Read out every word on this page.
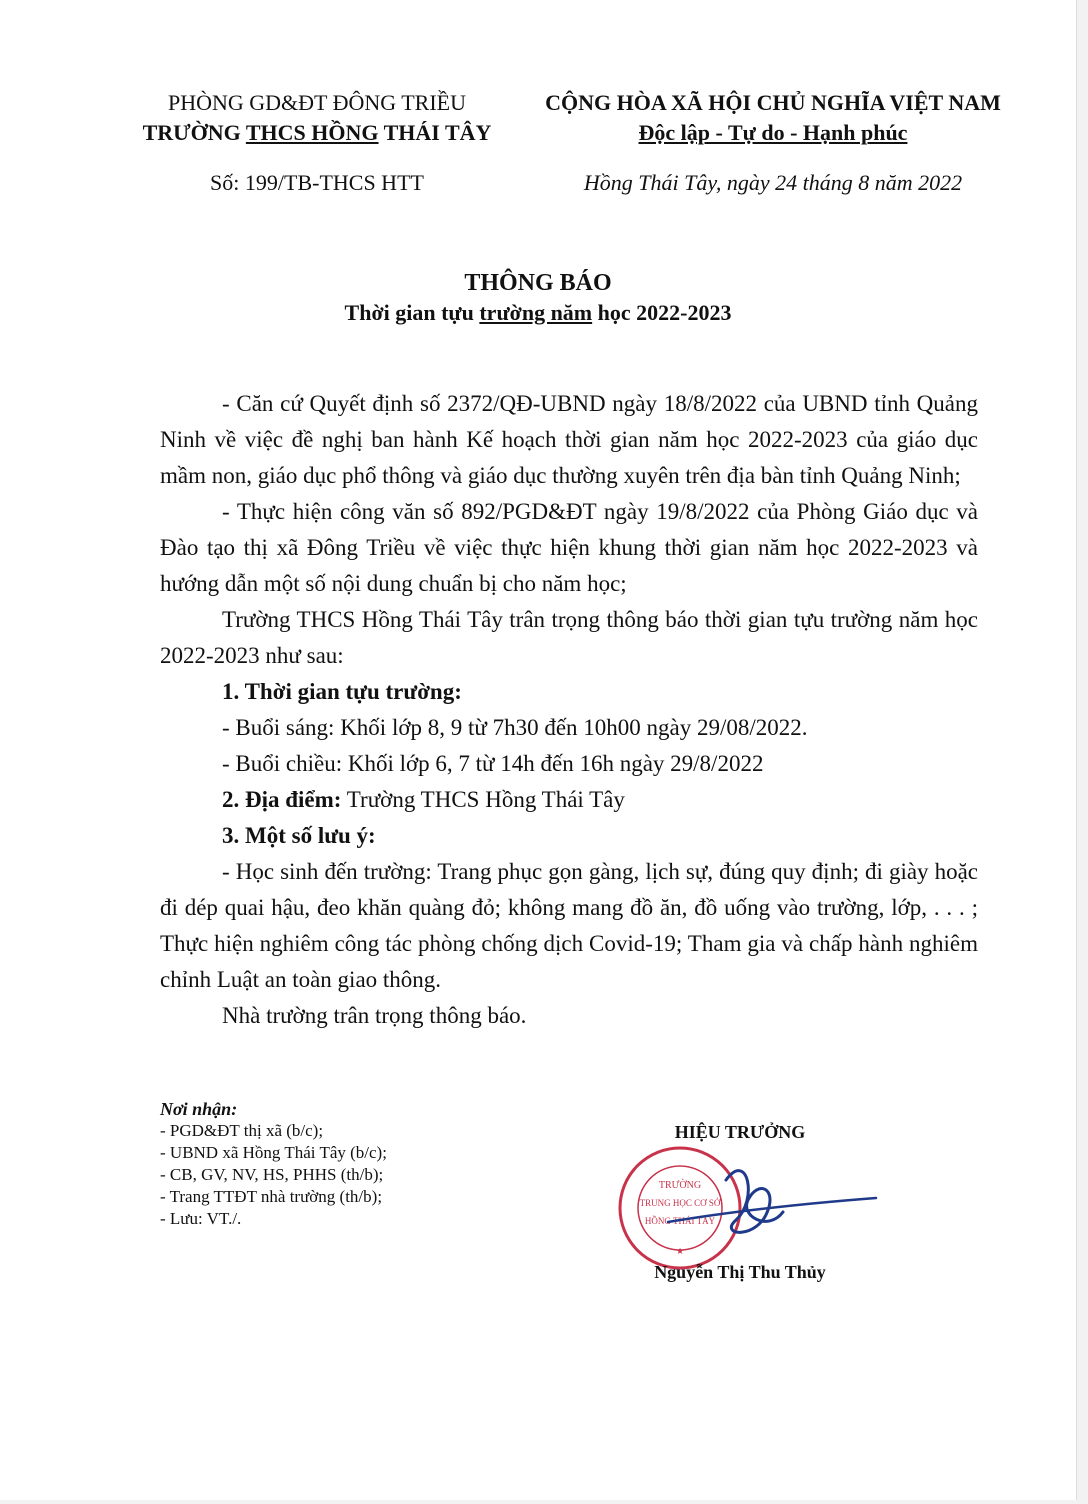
PHÒNG GD&ĐT ĐÔNG TRIỀU
TRƯỜNG THCS HỒNG THÁI TÂY
CỘNG HÒA XÃ HỘI CHỦ NGHĨA VIỆT NAM
Độc lập - Tự do - Hạnh phúc
Số: 199/TB-THCS HTT	Hồng Thái Tây, ngày 24 tháng 8 năm 2022
THÔNG BÁO
Thời gian tựu trường năm học 2022-2023

- Căn cứ Quyết định số 2372/QĐ-UBND ngày 18/8/2022 của UBND tỉnh Quảng Ninh về việc đề nghị ban hành Kế hoạch thời gian năm học 2022-2023 của giáo dục mầm non, giáo dục phổ thông và giáo dục thường xuyên trên địa bàn tỉnh Quảng Ninh;

- Thực hiện công văn số 892/PGD&ĐT ngày 19/8/2022 của Phòng Giáo dục và Đào tạo thị xã Đông Triều về việc thực hiện khung thời gian năm học 2022-2023 và hướng dẫn một số nội dung chuẩn bị cho năm học;

Trường THCS Hồng Thái Tây trân trọng thông báo thời gian tựu trường năm học 2022-2023 như sau:

1. Thời gian tựu trường:

- Buổi sáng: Khối lớp 8, 9 từ 7h30 đến 10h00 ngày 29/08/2022.

- Buổi chiều: Khối lớp 6, 7 từ 14h đến 16h ngày 29/8/2022

2. Địa điểm: Trường THCS Hồng Thái Tây

3. Một số lưu ý:

- Học sinh đến trường: Trang phục gọn gàng, lịch sự, đúng quy định; đi giày hoặc đi dép quai hậu, đeo khăn quàng đỏ; không mang đồ ăn, đồ uống vào trường, lớp, . . . ; Thực hiện nghiêm công tác phòng chống dịch Covid-19; Tham gia và chấp hành nghiêm chỉnh Luật an toàn giao thông.

Nhà trường trân trọng thông báo.

Nơi nhận:
- PGD&ĐT thị xã (b/c);
- UBND xã Hồng Thái Tây (b/c);
- CB, GV, NV, HS, PHHS (th/b);
- Trang TTĐT nhà trường (th/b);
- Lưu: VT./.
HIỆU TRƯỞNG
TRƯỜNG
TRUNG HỌC CƠ SỞ
HỒNG THÁI TÂY
★
Nguyễn Thị Thu Thủy
